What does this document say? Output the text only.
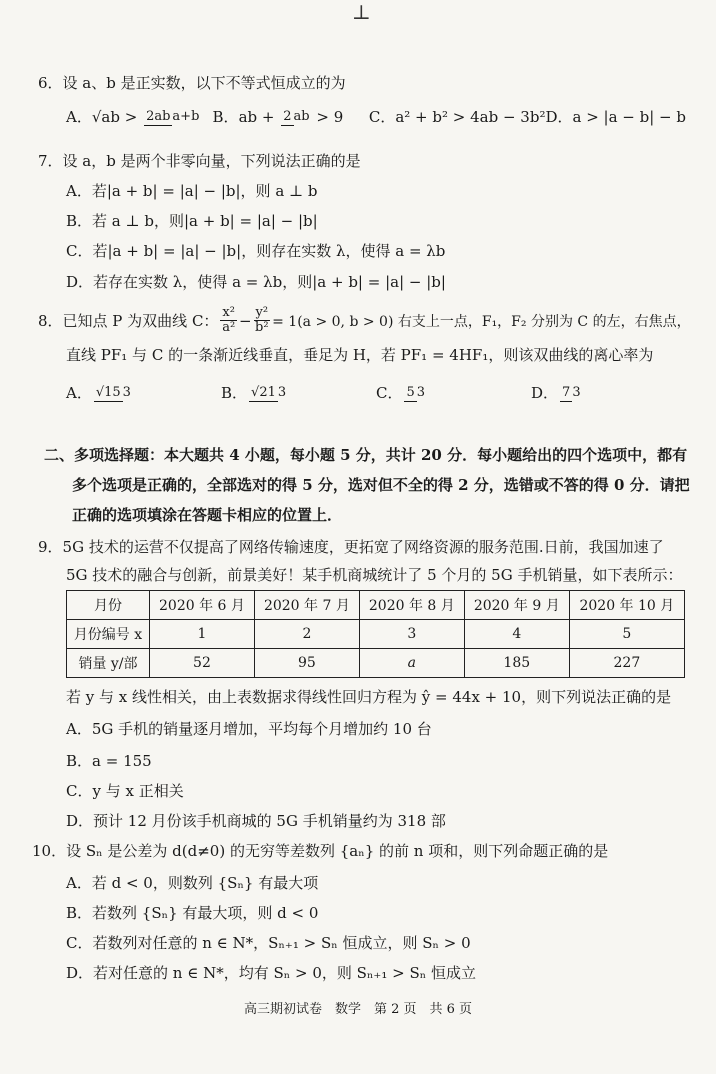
⊥
6．设 a、b 是正实数，以下不等式恒成立的为
A．√ab > 2ab a+b B．ab + 2 ab > 9	C．a² + b² > 4ab − 3b² D．a > |a − b| − b
7．设 a，b 是两个非零向量，下列说法正确的是
A．若|a + b| = |a| − |b|，则 a ⊥ b
B．若 a ⊥ b，则|a + b| = |a| − |b|
C．若|a + b| = |a| − |b|，则存在实数 λ，使得 a = λb
D．若存在实数 λ，使得 a = λb，则|a + b| = |a| − |b|
8．已知点 P 为双曲线 C： $\frac{\text{x²}}{\text{a²}} - \frac{\text{y²}}{\text{b²}} = 1(a > 0$, b > 0) 右支上一点，F₁，F₂ 分别为 C 的左，右焦点，
直线 PF₁ 与 C 的一条渐近线垂直，垂足为 H，若 PF₁ = 4HF₁，则该双曲线的离心率为
A． √15 3	B． √21 3	C． 5 3	D． 7 3
二、多项选择题：本大题共 4 小题，每小题 5 分，共计 20 分．每小题给出的四个选项中，都有
多个选项是正确的，全部选对的得 5 分，选对但不全的得 2 分，选错或不答的得 0 分．请把
正确的选项填涂在答题卡相应的位置上．
9．5G 技术的运营不仅提高了网络传输速度，更拓宽了网络资源的服务范围.日前，我国加速了
5G 技术的融合与创新，前景美好！某手机商城统计了 5 个月的 5G 手机销量，如下表所示：
月份	2020 年 6 月	2020 年 7 月	2020 年 8 月	2020 年 9 月	2020 年 10 月
月份编号 x	1	2	3	4	5
销量 y/部	52	95	a	185	227
若 y 与 x 线性相关，由上表数据求得线性回归方程为 ŷ = 44x + 10，则下列说法正确的是
A．5G 手机的销量逐月增加，平均每个月增加约 10 台
B．a = 155
C．y 与 x 正相关
D．预计 12 月份该手机商城的 5G 手机销量约为 318 部
10．设 Sₙ 是公差为 d(d≠0) 的无穷等差数列 {aₙ} 的前 n 项和，则下列命题正确的是
A．若 d < 0，则数列 {Sₙ} 有最大项
B．若数列 {Sₙ} 有最大项，则 d < 0
C．若数列对任意的 n ∈ N*，Sₙ₊₁ > Sₙ 恒成立，则 Sₙ > 0
D．若对任意的 n ∈ N*，均有 Sₙ > 0，则 Sₙ₊₁ > Sₙ 恒成立
高三期初试卷　数学　第 2 页　共 6 页
